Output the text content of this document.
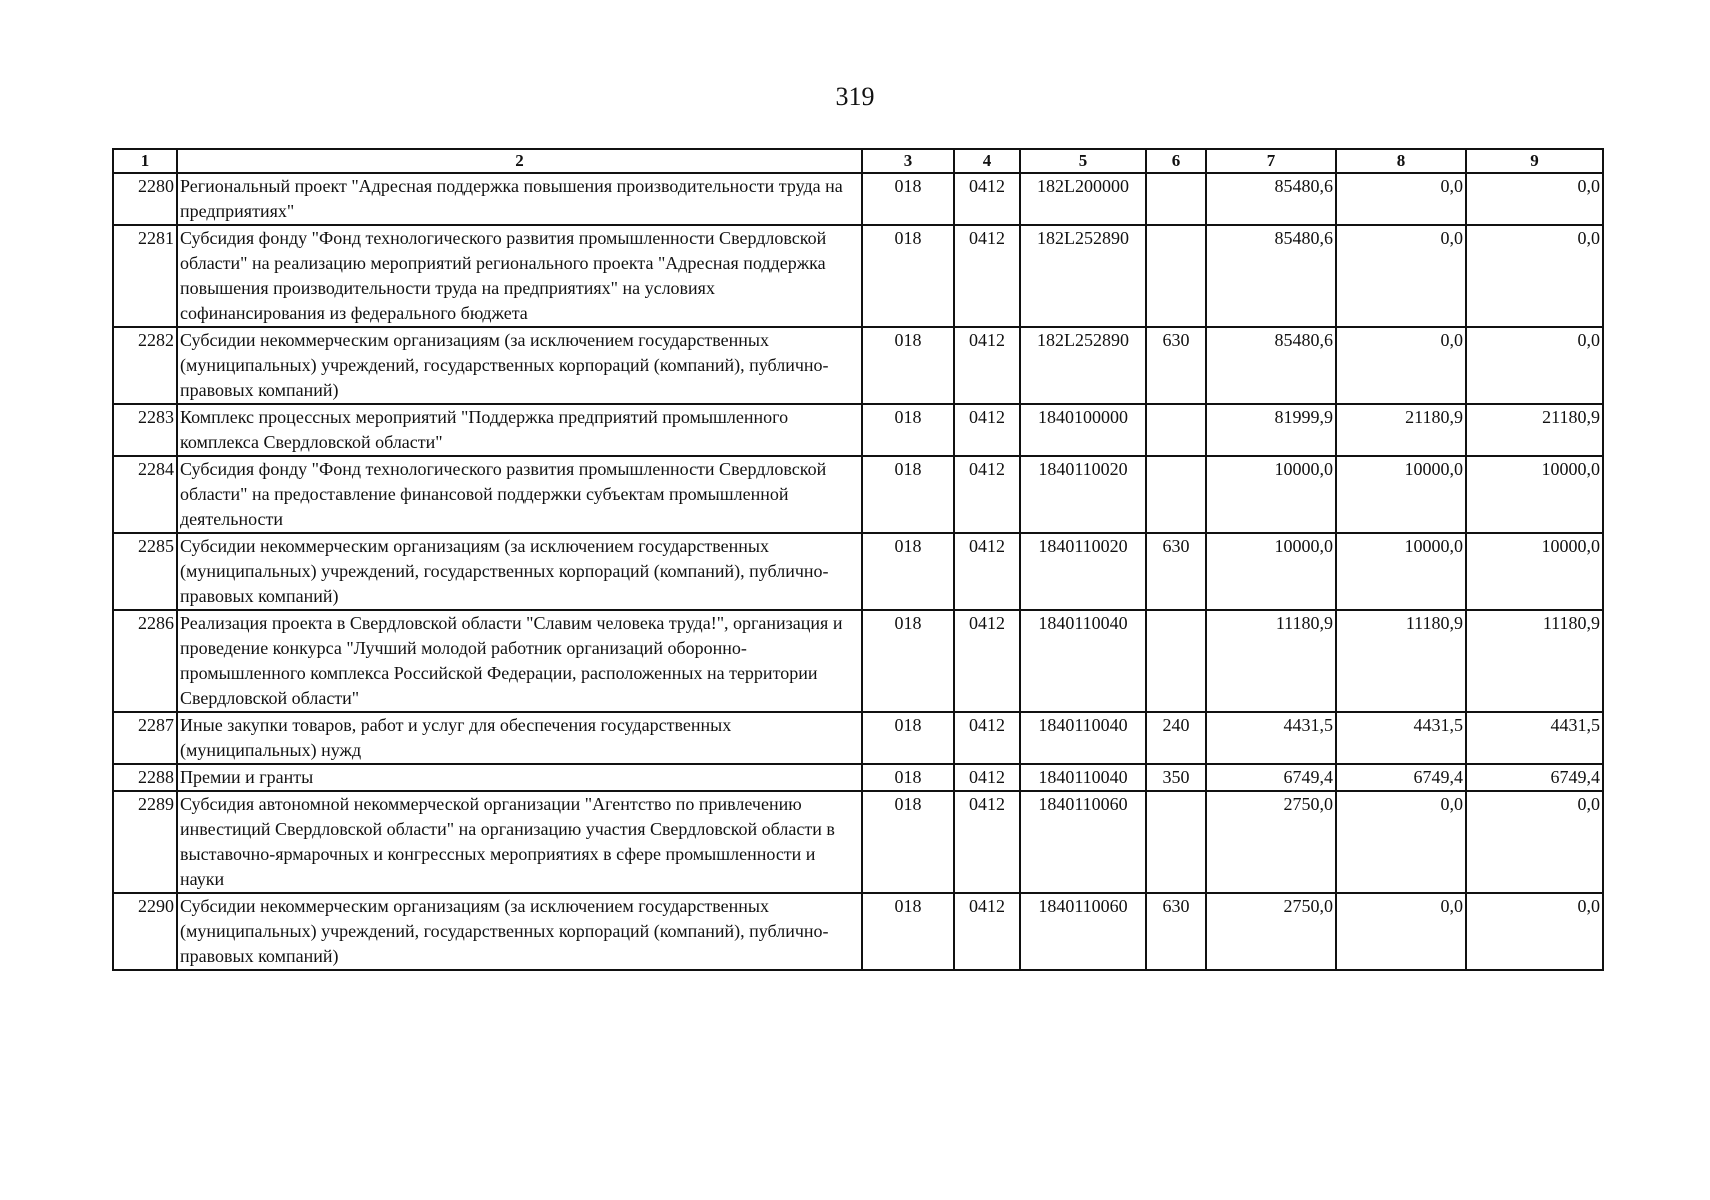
319
1	2	3	4	5	6	7	8	9
2280	Региональный проект "Адресная поддержка повышения производительности труда на предприятиях"	018	0412	182L200000		85480,6	0,0	0,0
2281	Субсидия фонду "Фонд технологического развития промышленности Свердловской области" на реализацию мероприятий регионального проекта "Адресная поддержка повышения производительности труда на предприятиях" на условиях софинансирования из федерального бюджета	018	0412	182L252890		85480,6	0,0	0,0
2282	Субсидии некоммерческим организациям (за исключением государственных (муниципальных) учреждений, государственных корпораций (компаний), публично-правовых компаний)	018	0412	182L252890	630	85480,6	0,0	0,0
2283	Комплекс процессных мероприятий "Поддержка предприятий промышленного комплекса Свердловской области"	018	0412	1840100000		81999,9	21180,9	21180,9
2284	Субсидия фонду "Фонд технологического развития промышленности Свердловской области" на предоставление финансовой поддержки субъектам промышленной деятельности	018	0412	1840110020		10000,0	10000,0	10000,0
2285	Субсидии некоммерческим организациям (за исключением государственных (муниципальных) учреждений, государственных корпораций (компаний), публично-правовых компаний)	018	0412	1840110020	630	10000,0	10000,0	10000,0
2286	Реализация проекта в Свердловской области "Славим человека труда!", организация и проведение конкурса "Лучший молодой работник организаций оборонно-промышленного комплекса Российской Федерации, расположенных на территории Свердловской области"	018	0412	1840110040		11180,9	11180,9	11180,9
2287	Иные закупки товаров, работ и услуг для обеспечения государственных (муниципальных) нужд	018	0412	1840110040	240	4431,5	4431,5	4431,5
2288	Премии и гранты	018	0412	1840110040	350	6749,4	6749,4	6749,4
2289	Субсидия автономной некоммерческой организации "Агентство по привлечению инвестиций Свердловской области" на организацию участия Свердловской области в выставочно-ярмарочных и конгрессных мероприятиях в сфере промышленности и науки	018	0412	1840110060		2750,0	0,0	0,0
2290	Субсидии некоммерческим организациям (за исключением государственных (муниципальных) учреждений, государственных корпораций (компаний), публично-правовых компаний)	018	0412	1840110060	630	2750,0	0,0	0,0
